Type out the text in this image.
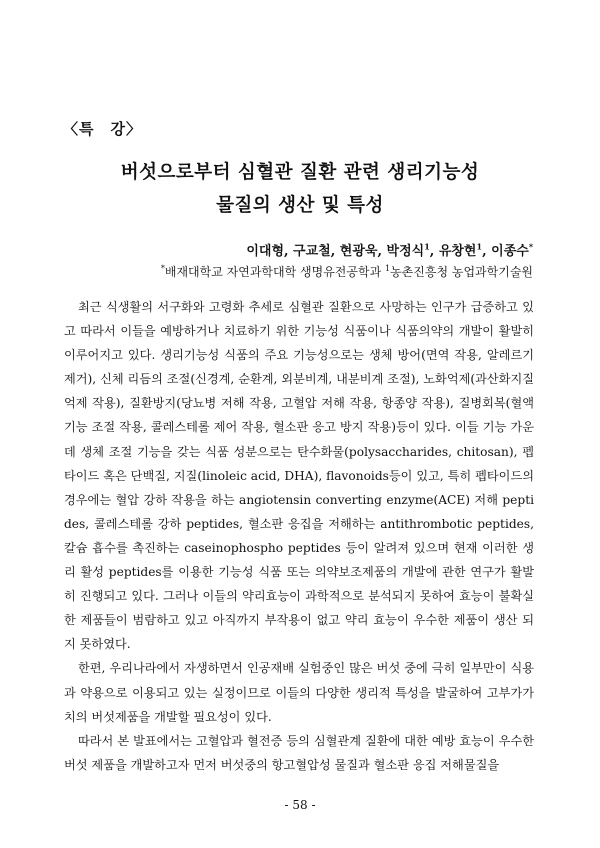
〈특　강〉
버섯으로부터 심혈관 질환 관련 생리기능성
물질의 생산 및 특성
이대형, 구교철, 현광욱, 박정식$^1$, 유창현$^1$, 이종수*
*배재대학교 자연과학대학 생명유전공학과 $^1$농촌진흥청 농업과학기술원

최근 식생활의 서구화와 고령화 추세로 심혈관 질환으로 사망하는 인구가 급증하고 있고 따라서 이들을 예방하거나 치료하기 위한 기능성 식품이나 식품의약의 개발이 활발히 이루어지고 있다. 생리기능성 식품의 주요 기능성으로는 생체 방어(면역 작용, 알레르기 제거), 신체 리듬의 조절(신경계, 순환계, 외분비계, 내분비계 조절), 노화억제(과산화지질 억제 작용), 질환방지(당뇨병 저해 작용, 고혈압 저해 작용, 항종양 작용), 질병회복(혈액 기능 조절 작용, 콜레스테롤 제어 작용, 혈소판 응고 방지 작용)등이 있다. 이들 기능 가운데 생체 조절 기능을 갖는 식품 성분으로는 탄수화물(polysaccharides, chitosan), 펩타이드 혹은 단백질, 지질(linoleic acid, DHA), flavonoids등이 있고, 특히 펩타이드의 경우에는 혈압 강하 작용을 하는 angiotensin converting enzyme(ACE) 저해 peptides, 콜레스테롤 강하 peptides, 혈소판 응집을 저해하는 antithrombotic peptides, 칼슘 흡수를 촉진하는 caseinophospho peptides 등이 알려져 있으며 현재 이러한 생리 활성 peptides를 이용한 기능성 식품 또는 의약보조제품의 개발에 관한 연구가 활발히 진행되고 있다. 그러나 이들의 약리효능이 과학적으로 분석되지 못하여 효능이 불확실한 제품들이 범람하고 있고 아직까지 부작용이 없고 약리 효능이 우수한 제품이 생산 되지 못하였다.

한편, 우리나라에서 자생하면서 인공재배 실험중인 많은 버섯 중에 극히 일부만이 식용과 약용으로 이용되고 있는 실정이므로 이들의 다양한 생리적 특성을 발굴하여 고부가가치의 버섯제품을 개발할 필요성이 있다.

따라서 본 발표에서는 고혈압과 혈전증 등의 심혈관계 질환에 대한 예방 효능이 우수한 버섯 제품을 개발하고자 먼저 버섯중의 항고혈압성 물질과 혈소판 응집 저해물질을

- 58 -
